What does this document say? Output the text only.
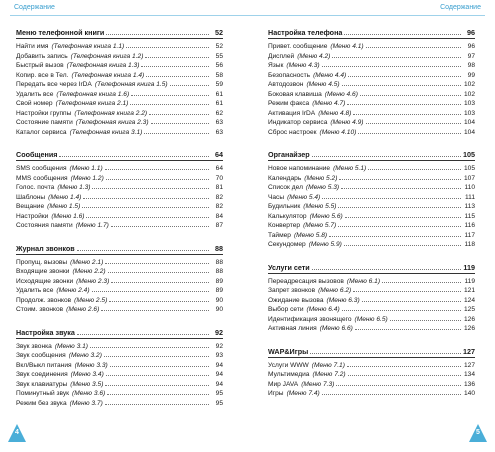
Содержание	Содержание
Меню телефонной книги	52
Найти имя (Телефонная книга 1.1)	52
Добавить запись (Телефонная книга 1.2)	55
Быстрый вызов (Телефонная книга 1.3)	56
Копир. все в Тел. (Телефонная книга 1.4)	58
Передать все через IrDA (Телефонная книга 1.5)	59
Удалить все (Телефонная книга 1.6)	61
Свой номер (Телефонная книга 2.1)	61
Настройки группы (Телефонная книга 2.2)	62
Состояние памяти (Телефонная книга 2.3)	63
Каталог сервиса (Телефонная книга 3.1)	63
Сообщения	64
SMS сообщения (Меню 1.1)	64
MMS сообщения (Меню 1.2)	70
Голос. почта (Меню 1.3)	81
Шаблоны (Меню 1.4)	82
Вещание (Меню 1.5)	82
Настройки (Меню 1.6)	84
Состояния памяти (Меню 1.7)	87
Журнал звонков	88
Пропущ. вызовы (Меню 2.1)	88
Входящие звонки (Меню 2.2)	88
Исходящие звонки (Меню 2.3)	89
Удалить все (Меню 2.4)	89
Продолж. звонков (Меню 2.5)	90
Стоим. звонков (Меню 2.6)	90
Настройка звука	92
Звук звонка (Меню 3.1)	92
Звук сообщения (Меню 3.2)	93
Вкл/Выкл питания (Меню 3.3)	94
Звук соединения (Меню 3.4)	94
Звук клавиатуры (Меню 3.5)	94
Поминутный звук (Меню 3.6)	95
Режим без звука (Меню 3.7)	95
Настройка телефона	96
Привет. сообщение (Меню 4.1)	96
Дисплей (Меню 4.2)	97
Язык (Меню 4.3)	98
Безопасность (Меню 4.4)	99
Автодозвон (Меню 4.5)	102
Боковая клавиша (Меню 4.6)	102
Режим факса (Меню 4.7)	103
Активация IrDA (Меню 4.8)	103
Индикатор сервиса (Меню 4.9)	104
Сброс настроек (Меню 4.10)	104
Органайзер	105
Новое напоминание (Меню 5.1)	105
Календарь (Меню 5.2)	107
Список дел (Меню 5.3)	110
Часы (Меню 5.4)	111
Будильник (Меню 5.5)	113
Калькулятор (Меню 5.6)	115
Конвертер (Меню 5.7)	116
Таймер (Меню 5.8)	117
Секундомер (Меню 5.9)	118
Услуги сети	119
Переадресация вызовов (Меню 6.1)	119
Запрет звонков (Меню 6.2)	121
Ожидание вызова (Меню 6.3)	124
Выбор сети (Меню 6.4)	125
Идентификация звонящего (Меню 6.5)	126
Активная линия (Меню 6.6)	126
WAP&Игры	127
Услуги WWW (Меню 7.1)	127
Мультимедиа (Меню 7.2)	134
Мир JAVA (Меню 7.3)	136
Игры (Меню 7.4)	140
4	5
